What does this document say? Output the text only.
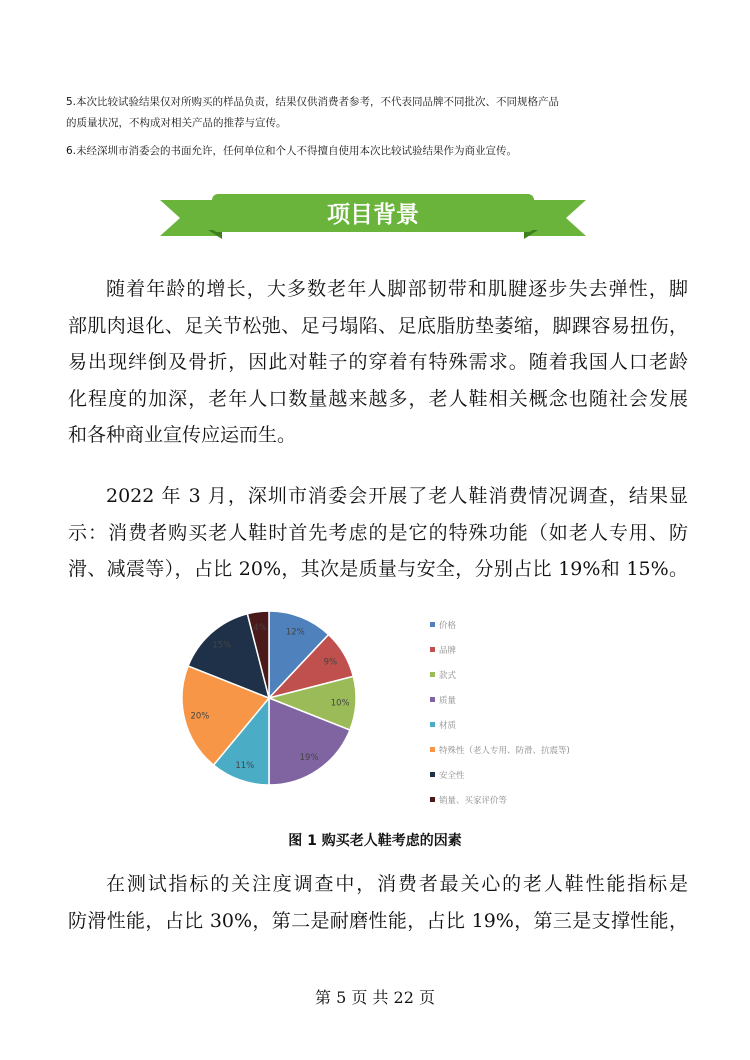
5.本次比较试验结果仅对所购买的样品负责，结果仅供消费者参考，不代表同品牌不同批次、不同规格产品
的质量状况，不构成对相关产品的推荐与宣传。
6.未经深圳市消委会的书面允许，任何单位和个人不得擅自使用本次比较试验结果作为商业宣传。
项目背景
随着年龄的增长，大多数老年人脚部韧带和肌腱逐步失去弹性，脚
部肌肉退化、足关节松弛、足弓塌陷、足底脂肪垫萎缩，脚踝容易扭伤，
易出现绊倒及骨折，因此对鞋子的穿着有特殊需求。随着我国人口老龄
化程度的加深，老年人口数量越来越多，老人鞋相关概念也随社会发展
和各种商业宣传应运而生。
2022 年 3 月，深圳市消委会开展了老人鞋消费情况调查，结果显
示：消费者购买老人鞋时首先考虑的是它的特殊功能（如老人专用、防
滑、减震等），占比 20%，其次是质量与安全，分别占比 19%和 15%。
12%
价格
9%
品牌
10%
款式
19%
质量
11%
材质
20%
特殊性（老人专用、防滑、抗震等)
15%
安全性
4%
销量、买家评价等
图 1 购买老人鞋考虑的因素
在测试指标的关注度调查中，消费者最关心的老人鞋性能指标是
防滑性能，占比 30%，第二是耐磨性能，占比 19%，第三是支撑性能，
第 5 页 共 22 页
